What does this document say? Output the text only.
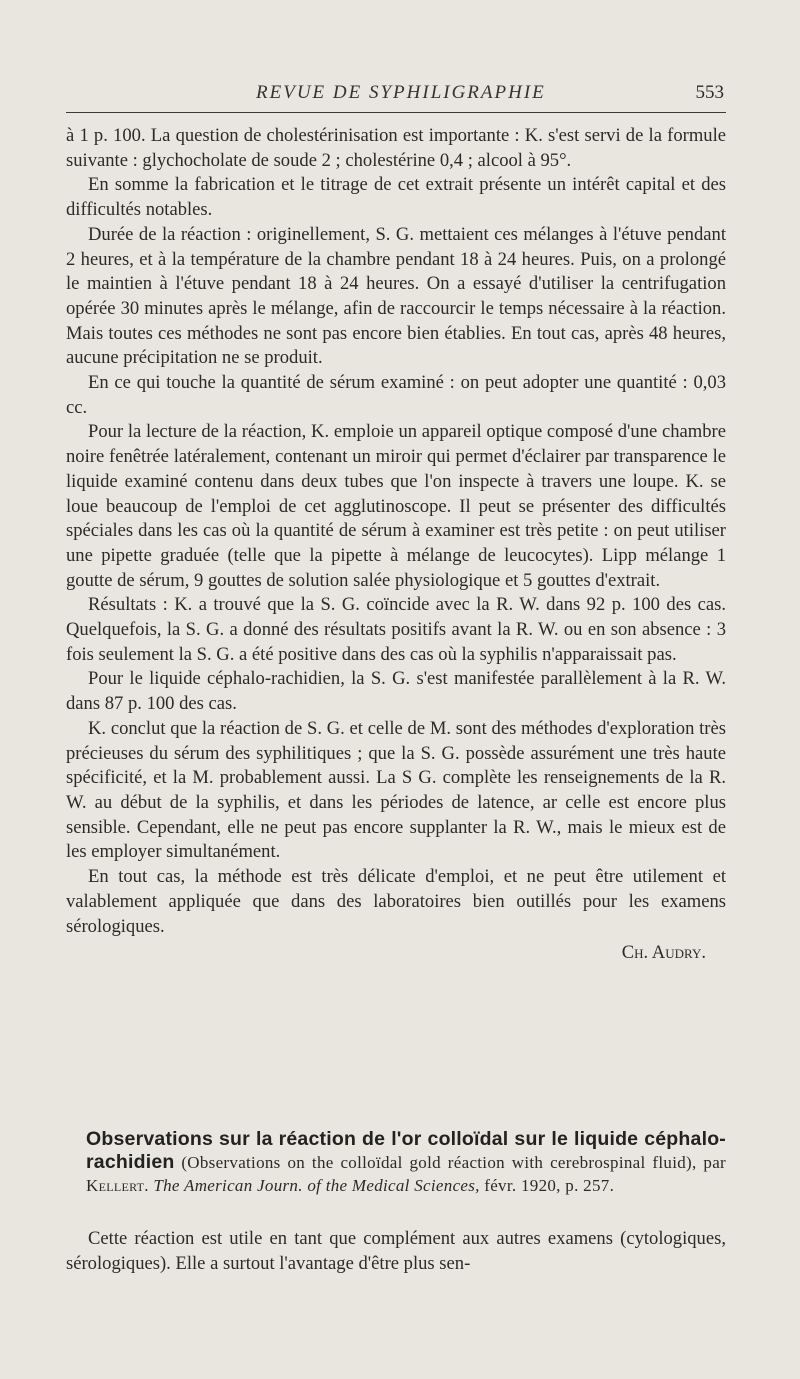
REVUE DE SYPHILIGRAPHIE	553

à 1 p. 100. La question de cholestérinisation est importante : K. s'est servi de la formule suivante : glychocholate de soude 2 ; cholestérine 0,4 ; alcool à 95°.

En somme la fabrication et le titrage de cet extrait présente un intérêt capital et des difficultés notables.

Durée de la réaction : originellement, S. G. mettaient ces mélanges à l'étuve pendant 2 heures, et à la température de la chambre pendant 18 à 24 heures. Puis, on a prolongé le maintien à l'étuve pendant 18 à 24 heures. On a essayé d'utiliser la centrifugation opérée 30 minutes après le mélange, afin de raccourcir le temps nécessaire à la réaction. Mais toutes ces méthodes ne sont pas encore bien établies. En tout cas, après 48 heures, aucune précipitation ne se produit.

En ce qui touche la quantité de sérum examiné : on peut adopter une quantité : 0,03 cc.

Pour la lecture de la réaction, K. emploie un appareil optique composé d'une chambre noire fenêtrée latéralement, contenant un miroir qui permet d'éclairer par transparence le liquide examiné contenu dans deux tubes que l'on inspecte à travers une loupe. K. se loue beaucoup de l'emploi de cet agglutinoscope. Il peut se présenter des difficultés spéciales dans les cas où la quantité de sérum à examiner est très petite : on peut utiliser une pipette graduée (telle que la pipette à mélange de leucocytes). Lipp mélange 1 goutte de sérum, 9 gouttes de solution salée physiologique et 5 gouttes d'extrait.

Résultats : K. a trouvé que la S. G. coïncide avec la R. W. dans 92 p. 100 des cas. Quelquefois, la S. G. a donné des résultats positifs avant la R. W. ou en son absence : 3 fois seulement la S. G. a été positive dans des cas où la syphilis n'apparaissait pas.

Pour le liquide céphalo-rachidien, la S. G. s'est manifestée parallèlement à la R. W. dans 87 p. 100 des cas.

K. conclut que la réaction de S. G. et celle de M. sont des méthodes d'exploration très précieuses du sérum des syphilitiques ; que la S. G. possède assurément une très haute spécificité, et la M. probablement aussi. La S G. complète les renseignements de la R. W. au début de la syphilis, et dans les périodes de latence, ar celle est encore plus sensible. Cependant, elle ne peut pas encore supplanter la R. W., mais le mieux est de les employer simultanément.

En tout cas, la méthode est très délicate d'emploi, et ne peut être utilement et valablement appliquée que dans des laboratoires bien outillés pour les examens sérologiques.

Ch. Audry.

Observations sur la réaction de l'or colloïdal sur le liquide céphalo-rachidien (Observations on the colloïdal gold réaction with cerebrospinal fluid), par Kellert. The American Journ. of the Medical Sciences, févr. 1920, p. 257.

Cette réaction est utile en tant que complément aux autres examens (cytologiques, sérologiques). Elle a surtout l'avantage d'être plus sen-
